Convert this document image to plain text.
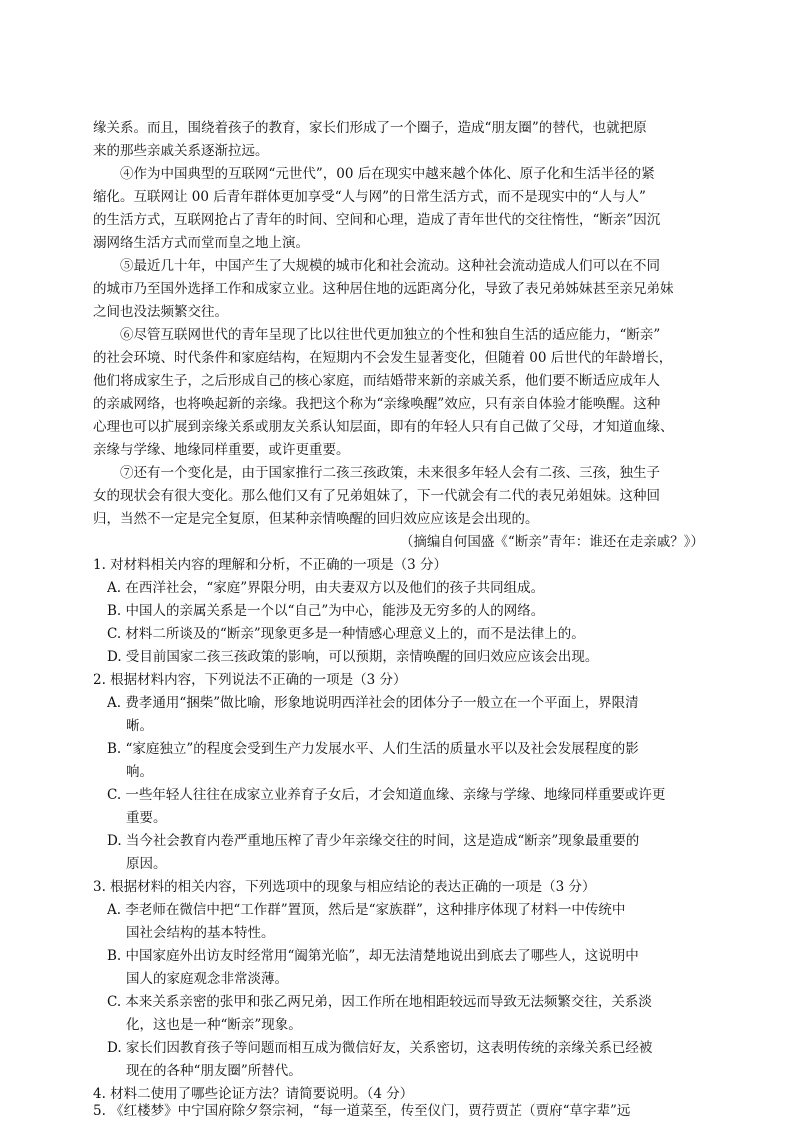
缘关系。而且，围绕着孩子的教育，家长们形成了一个圈子，造成“朋友圈”的替代，也就把原
来的那些亲戚关系逐渐拉远。
④作为中国典型的互联网“元世代”，00 后在现实中越来越个体化、原子化和生活半径的紧
缩化。互联网让 00 后青年群体更加享受“人与网”的日常生活方式，而不是现实中的“人与人”
的生活方式，互联网抢占了青年的时间、空间和心理，造成了青年世代的交往惰性，“断亲”因沉
溺网络生活方式而堂而皇之地上演。
⑤最近几十年，中国产生了大规模的城市化和社会流动。这种社会流动造成人们可以在不同
的城市乃至国外选择工作和成家立业。这种居住地的远距离分化，导致了表兄弟姊妹甚至亲兄弟妹
之间也没法频繁交往。
⑥尽管互联网世代的青年呈现了比以往世代更加独立的个性和独自生活的适应能力，“断亲”
的社会环境、时代条件和家庭结构，在短期内不会发生显著变化，但随着 00 后世代的年龄增长，
他们将成家生子，之后形成自己的核心家庭，而结婚带来新的亲戚关系，他们要不断适应成年人
的亲戚网络，也将唤起新的亲缘。我把这个称为“亲缘唤醒”效应，只有亲自体验才能唤醒。这种
心理也可以扩展到亲缘关系或朋友关系认知层面，即有的年轻人只有自己做了父母，才知道血缘、
亲缘与学缘、地缘同样重要，或许更重要。
⑦还有一个变化是，由于国家推行二孩三孩政策，未来很多年轻人会有二孩、三孩，独生子
女的现状会有很大变化。那么他们又有了兄弟姐妹了，下一代就会有二代的表兄弟姐妹。这种回
归，当然不一定是完全复原，但某种亲情唤醒的回归效应应该是会出现的。
（摘编自何国盛《“断亲”青年：谁还在走亲戚？》）
1. 对材料相关内容的理解和分析，不正确的一项是（3 分）
A. 在西洋社会，“家庭”界限分明，由夫妻双方以及他们的孩子共同组成。
B. 中国人的亲属关系是一个以“自己”为中心，能涉及无穷多的人的网络。
C. 材料二所谈及的“断亲”现象更多是一种情感心理意义上的，而不是法律上的。
D. 受目前国家二孩三孩政策的影响，可以预期，亲情唤醒的回归效应应该会出现。
2. 根据材料内容，下列说法不正确的一项是（3 分）
A. 费孝通用“捆柴”做比喻，形象地说明西洋社会的团体分子一般立在一个平面上，界限清
晰。
B. “家庭独立”的程度会受到生产力发展水平、人们生活的质量水平以及社会发展程度的影
响。
C. 一些年轻人往往在成家立业养育子女后，才会知道血缘、亲缘与学缘、地缘同样重要或许更
重要。
D. 当今社会教育内卷严重地压榨了青少年亲缘交往的时间，这是造成“断亲”现象最重要的
原因。
3. 根据材料的相关内容，下列选项中的现象与相应结论的表达正确的一项是（3 分）
A. 李老师在微信中把“工作群”置顶，然后是“家族群”，这种排序体现了材料一中传统中
国社会结构的基本特性。
B. 中国家庭外出访友时经常用“阖第光临”，却无法清楚地说出到底去了哪些人，这说明中
国人的家庭观念非常淡薄。
C. 本来关系亲密的张甲和张乙两兄弟，因工作所在地相距较远而导致无法频繁交往，关系淡
化，这也是一种“断亲”现象。
D. 家长们因教育孩子等问题而相互成为微信好友，关系密切，这表明传统的亲缘关系已经被
现在的各种“朋友圈”所替代。
4. 材料二使用了哪些论证方法？请简要说明。（4 分）
5. 《红楼梦》中宁国府除夕祭宗祠，“每一道菜至，传至仪门，贾荇贾芷（贾府“草字辈”远
